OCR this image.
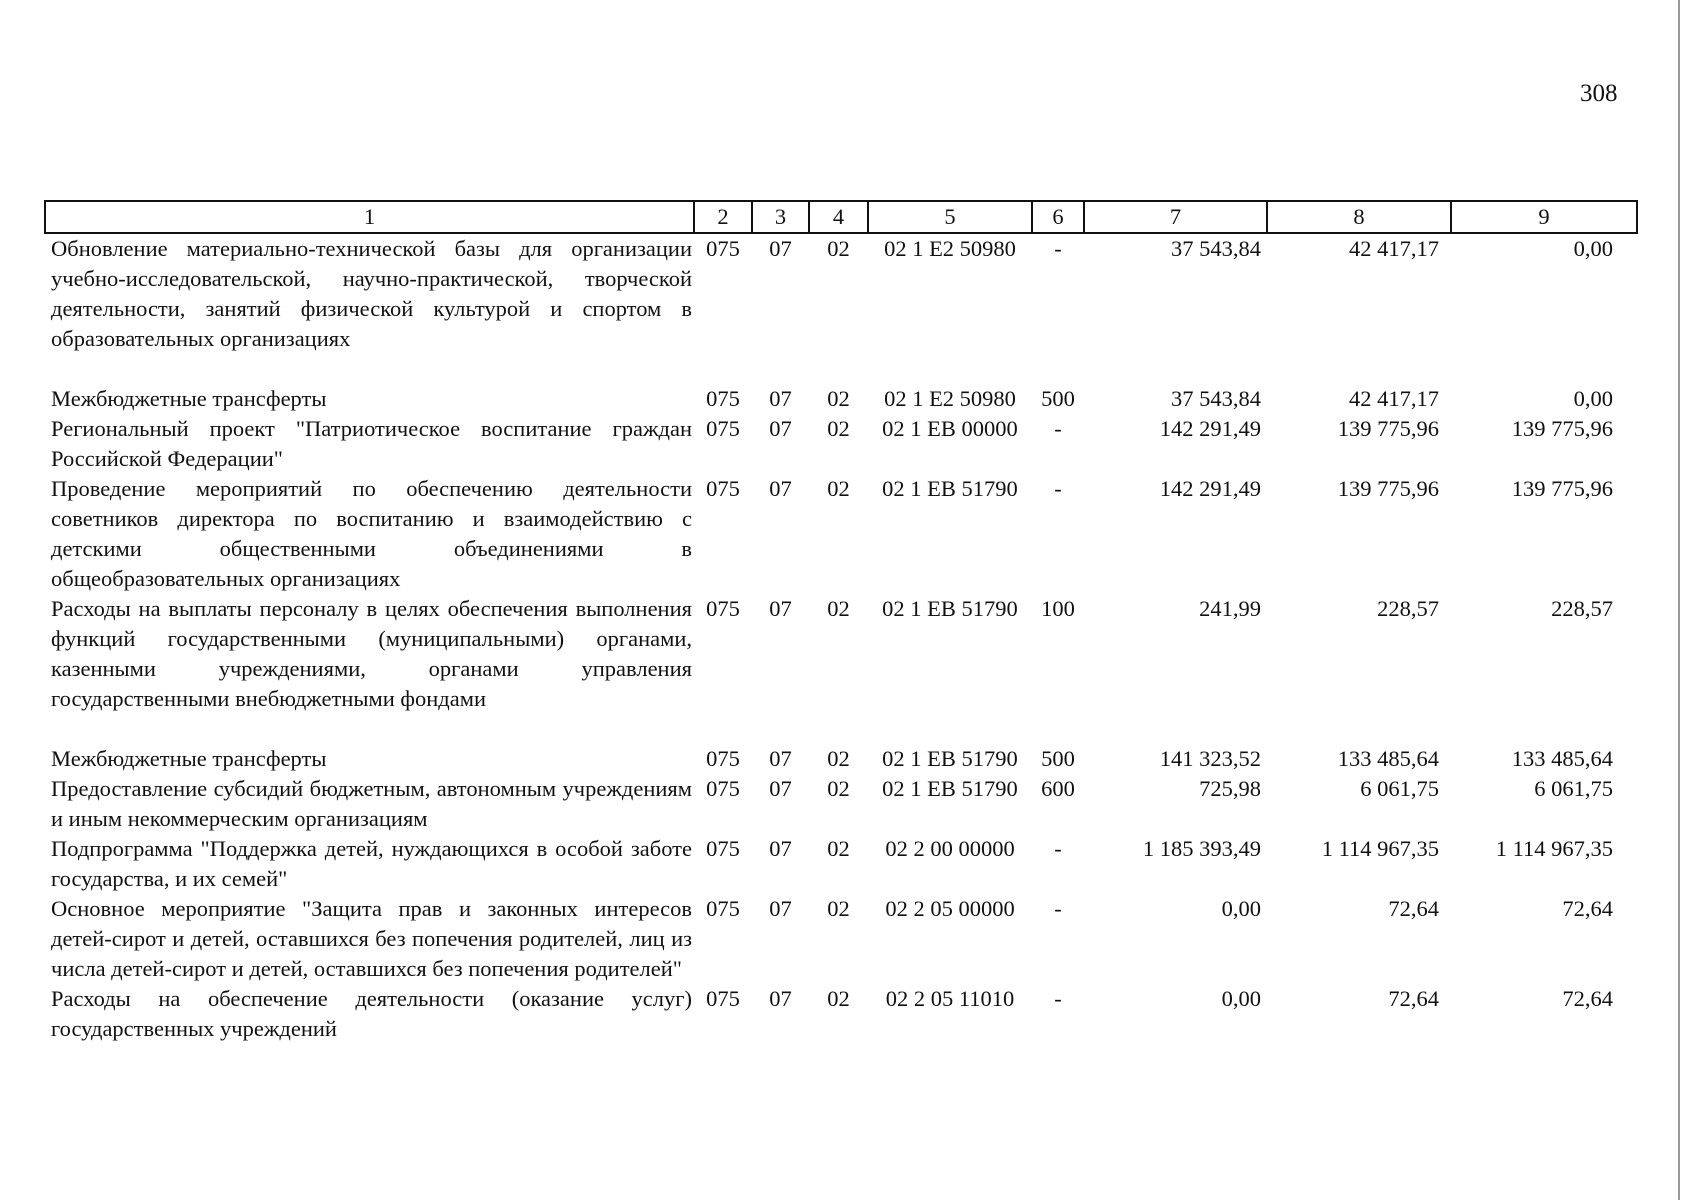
308
1	2	3	4	5	6	7	8	9
Обновление материально-технической базы для организации учебно-исследовательской, научно-практической, творческой деятельности, занятий физической культурой и спортом в образовательных организациях	075	07	02	02 1 E2 50980	-	37 543,84	42 417,17	0,00
Межбюджетные трансферты	075	07	02	02 1 E2 50980	500	37 543,84	42 417,17	0,00
Региональный проект "Патриотическое воспитание граждан Российской Федерации"	075	07	02	02 1 EB 00000	-	142 291,49	139 775,96	139 775,96
Проведение мероприятий по обеспечению деятельности советников директора по воспитанию и взаимодействию с детскими общественными объединениями в общеобразовательных организациях	075	07	02	02 1 EB 51790	-	142 291,49	139 775,96	139 775,96
Расходы на выплаты персоналу в целях обеспечения выполнения функций государственными (муниципальными) органами, казенными учреждениями, органами управления государственными внебюджетными фондами	075	07	02	02 1 EB 51790	100	241,99	228,57	228,57
Межбюджетные трансферты	075	07	02	02 1 EB 51790	500	141 323,52	133 485,64	133 485,64
Предоставление субсидий бюджетным, автономным учреждениям и иным некоммерческим организациям	075	07	02	02 1 EB 51790	600	725,98	6 061,75	6 061,75
Подпрограмма "Поддержка детей, нуждающихся в особой заботе государства, и их семей"	075	07	02	02 2 00 00000	-	1 185 393,49	1 114 967,35	1 114 967,35
Основное мероприятие "Защита прав и законных интересов детей-сирот и детей, оставшихся без попечения родителей, лиц из числа детей-сирот и детей, оставшихся без попечения родителей"	075	07	02	02 2 05 00000	-	0,00	72,64	72,64
Расходы на обеспечение деятельности (оказание услуг) государственных учреждений	075	07	02	02 2 05 11010	-	0,00	72,64	72,64
